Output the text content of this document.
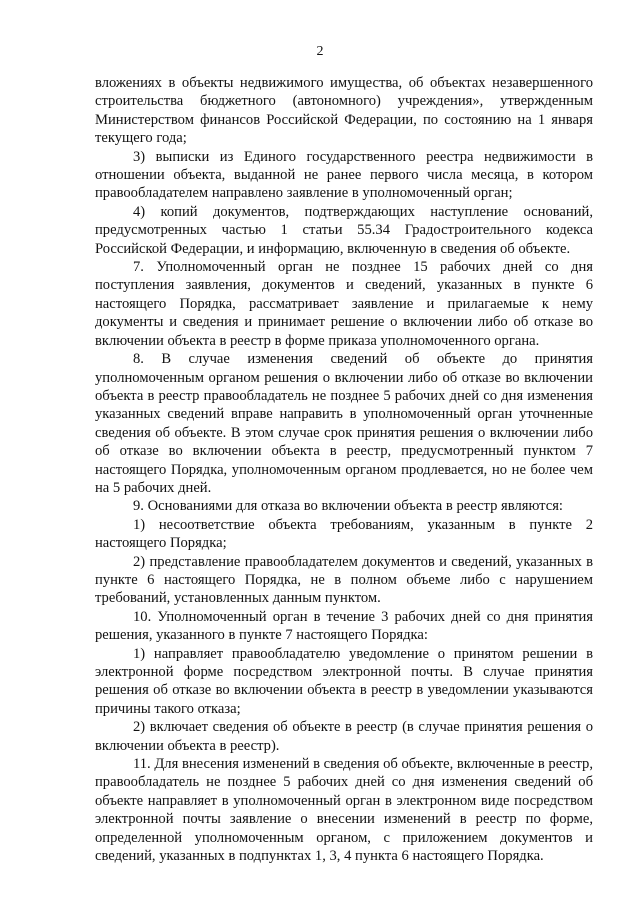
2

вложениях в объекты недвижимого имущества, об объектах незавершенного строительства бюджетного (автономного) учреждения», утвержденным Министерством финансов Российской Федерации, по состоянию на 1 января текущего года;

3) выписки из Единого государственного реестра недвижимости в отношении объекта, выданной не ранее первого числа месяца, в котором правообладателем направлено заявление в уполномоченный орган;

4) копий документов, подтверждающих наступление оснований, предусмотренных частью 1 статьи 55.34 Градостроительного кодекса Российской Федерации, и информацию, включенную в сведения об объекте.

7. Уполномоченный орган не позднее 15 рабочих дней со дня поступления заявления, документов и сведений, указанных в пункте 6 настоящего Порядка, рассматривает заявление и прилагаемые к нему документы и сведения и принимает решение о включении либо об отказе во включении объекта в реестр в форме приказа уполномоченного органа.

8. В случае изменения сведений об объекте до принятия уполномоченным органом решения о включении либо об отказе во включении объекта в реестр правообладатель не позднее 5 рабочих дней со дня изменения указанных сведений вправе направить в уполномоченный орган уточненные сведения об объекте. В этом случае срок принятия решения о включении либо об отказе во включении объекта в реестр, предусмотренный пунктом 7 настоящего Порядка, уполномоченным органом продлевается, но не более чем на 5 рабочих дней.

9. Основаниями для отказа во включении объекта в реестр являются:

1) несоответствие объекта требованиям, указанным в пункте 2 настоящего Порядка;

2) представление правообладателем документов и сведений, указанных в пункте 6 настоящего Порядка, не в полном объеме либо с нарушением требований, установленных данным пунктом.

10. Уполномоченный орган в течение 3 рабочих дней со дня принятия решения, указанного в пункте 7 настоящего Порядка:

1) направляет правообладателю уведомление о принятом решении в электронной форме посредством электронной почты. В случае принятия решения об отказе во включении объекта в реестр в уведомлении указываются причины такого отказа;

2) включает сведения об объекте в реестр (в случае принятия решения о включении объекта в реестр).

11. Для внесения изменений в сведения об объекте, включенные в реестр, правообладатель не позднее 5 рабочих дней со дня изменения сведений об объекте направляет в уполномоченный орган в электронном виде посредством электронной почты заявление о внесении изменений в реестр по форме, определенной уполномоченным органом, с приложением документов и сведений, указанных в подпунктах 1, 3, 4 пункта 6 настоящего Порядка.
